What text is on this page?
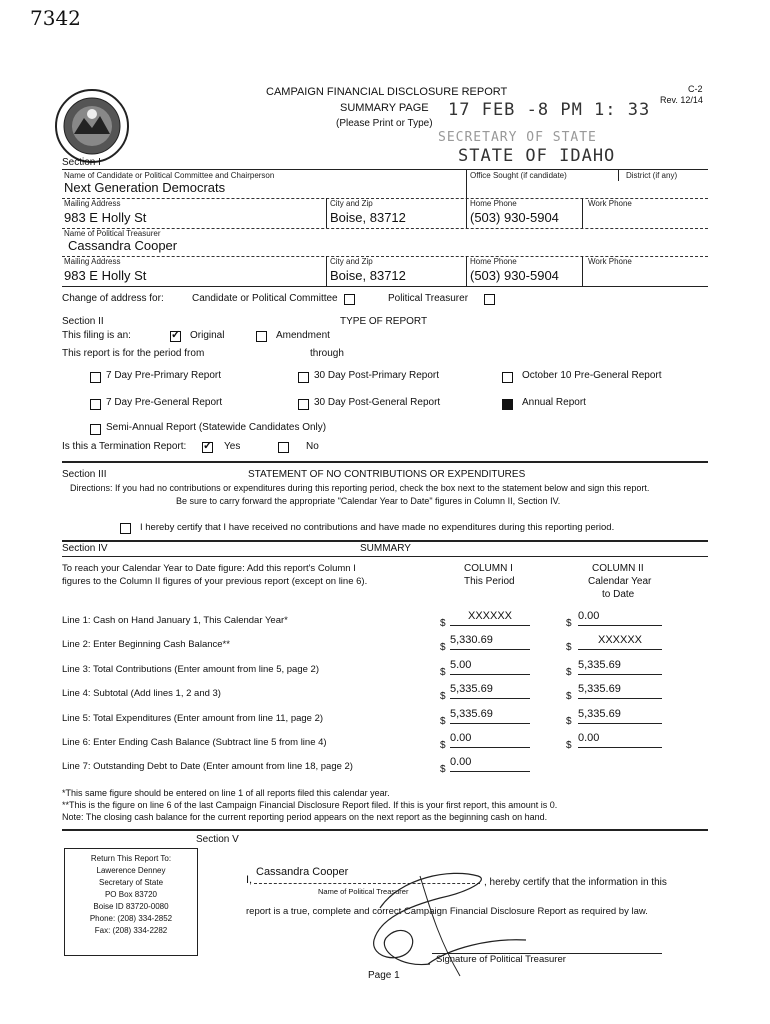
7342
CAMPAIGN FINANCIAL DISCLOSURE REPORT
SUMMARY PAGE
(Please Print or Type)
C-2
Rev. 12/14
17 FEB -8 PM 1: 33
SECRETARY OF STATE
STATE OF IDAHO
Section I
Name of Candidate or Political Committee and Chairperson
Next Generation Democrats
Office Sought (if candidate)	District (if any)
Mailing Address
983 E Holly St
City and Zip
Boise, 83712
Home Phone
(503) 930-5904
Work Phone
Name of Political Treasurer
Cassandra Cooper
Mailing Address
983 E Holly St
City and Zip
Boise, 83712
Home Phone
(503) 930-5904
Work Phone
Change of address for:	Candidate or Political Committee	Political Treasurer
Section II	TYPE OF REPORT
This filing is an: ✓	Original	Amendment
This report is for the period from	through
7 Day Pre-Primary Report	30 Day Post-Primary Report	October 10 Pre-General Report
7 Day Pre-General Report	30 Day Post-General Report	Annual Report
Semi-Annual Report (Statewide Candidates Only)
Is this a Termination Report: ✓	Yes	No
Section III	STATEMENT OF NO CONTRIBUTIONS OR EXPENDITURES
Directions: If you had no contributions or expenditures during this reporting period, check the box next to the statement below and sign this report.
Be sure to carry forward the appropriate "Calendar Year to Date" figures in Column II, Section IV.
I hereby certify that I have received no contributions and have made no expenditures during this reporting period.
Section IV	SUMMARY
To reach your Calendar Year to Date figure: Add this report's Column I
figures to the Column II figures of your previous report (except on line 6).
COLUMN I
This Period
COLUMN II
Calendar Year
to Date
Line 1: Cash on Hand January 1, This Calendar Year*	$
XXXXXX
$
0.00
Line 2: Enter Beginning Cash Balance**	$
5,330.69
$
XXXXXX
Line 3: Total Contributions (Enter amount from line 5, page 2)	$
5.00
$
5,335.69
Line 4: Subtotal (Add lines 1, 2 and 3)	$
5,335.69
$
5,335.69
Line 5: Total Expenditures (Enter amount from line 11, page 2)	$
5,335.69
$
5,335.69
Line 6: Enter Ending Cash Balance (Subtract line 5 from line 4)	$
0.00
$
0.00
Line 7: Outstanding Debt to Date (Enter amount from line 18, page 2)	$
0.00
*This same figure should be entered on line 1 of all reports filed this calendar year.
**This is the figure on line 6 of the last Campaign Financial Disclosure Report filed. If this is your first report, this amount is 0.
Note: The closing cash balance for the current reporting period appears on the next report as the beginning cash on hand.
Section V
Return This Report To:
Lawerence Denney
Secretary of State
PO Box 83720
Boise ID 83720-0080
Phone: (208) 334-2852
Fax: (208) 334-2282
I,
Cassandra Cooper
, hereby certify that the information in this
Name of Political Treasurer
report is a true, complete and correct Campaign Financial Disclosure Report as required by law.
Signature of Political Treasurer
Page 1
